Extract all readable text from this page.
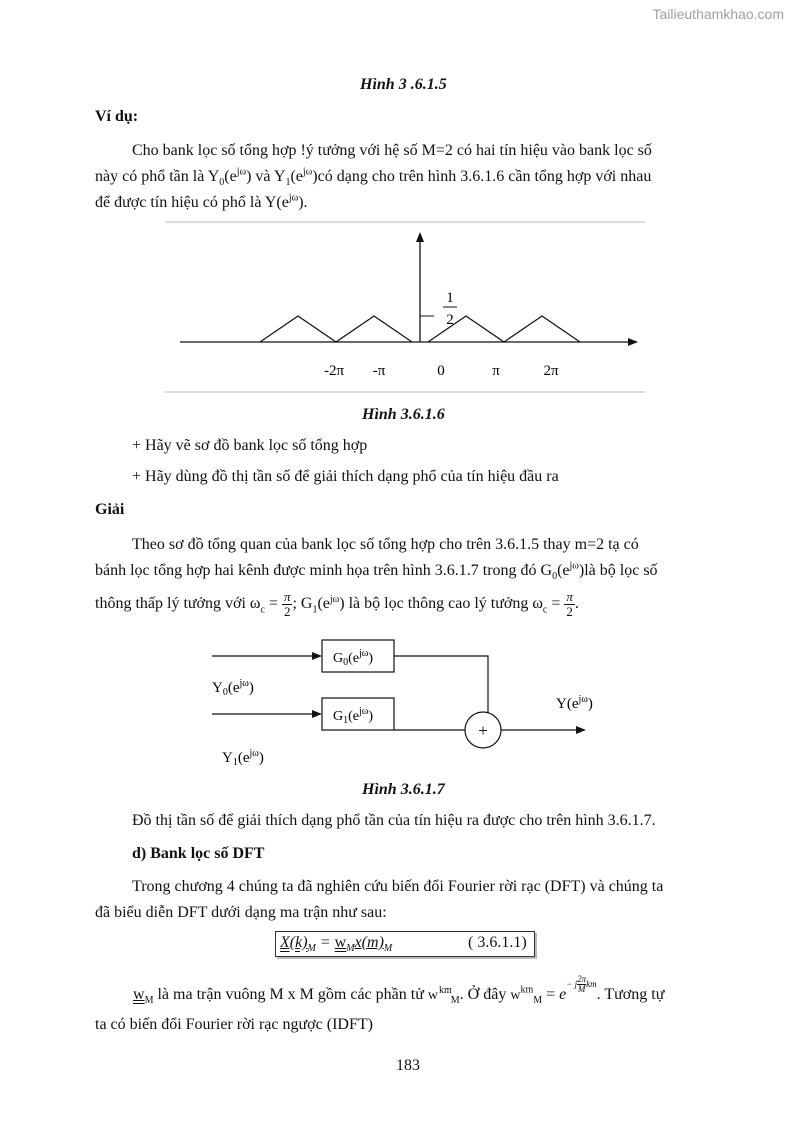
Tailieuthamkhao.com
Hình 3 .6.1.5
Ví dụ:
Cho bank lọc số tổng hợp !ý tưởng với hệ số M=2 có hai tín hiệu vào bank lọc số
này có phổ tần là $Y_0(e^{j\omega})$ và $Y_1(e^{j\omega})có$ dạng cho trên hình 3.6.1.6 cần tổng hợp với nhau
để được tín hiệu có phổ là $Y(e^{j\omega})$.
1
2
-2π -π	0	π	2π
Hình 3.6.1.6
+ Hãy vẽ sơ đồ bank lọc số tổng hợp
+ Hãy dùng đồ thị tần số để giải thích dạng phổ của tín hiệu đầu ra
Giải
Theo sơ đồ tổng quan của bank lọc số tổng hợp cho trên 3.6.1.5 thay m=2 tạ có
bánh lọc tổng hợp hai kênh được minh họa trên hình 3.6.1.7 trong đó $G_0(e^{j\omega})là$ bộ lọc số
thông thấp lý tưởng với $\omega_c = \frac{\pi}{2}$ ; $G_1(e^{j\omega})$ là bộ lọc thông cao lý tưởng $\omega_c = \frac{\pi}{2}$ .
+
$G_0(e^{j\omega})$
$G_1(e^{j\omega})$
$Y_0(e^{j\omega})$
$Y_1(e^{j\omega})$
$Y(e^{j\omega})$
Hình 3.6.1.7
Đồ thị tần số để giải thích dạng phổ tần của tín hiệu ra được cho trên hình 3.6.1.7.
d) Bank lọc số DFT
Trong chương 4 chúng ta đã nghiên cứu biến đổi Fourier rời rạc (DFT) và chúng ta
đã biểu diễn DFT dưới dạng ma trận như sau:
$X(k)_M = w_Mx(m)_M$	( 3.6.1.1)
$w_M$ là ma trận vuông M x M gồm các phần tử $w^{km}_M$. Ở đây $w^{km}_M = e^{- j \frac{2\pi}{M} km}$. Tương tự
ta có biến đổi Fourier rời rạc ngược (IDFT)
183
